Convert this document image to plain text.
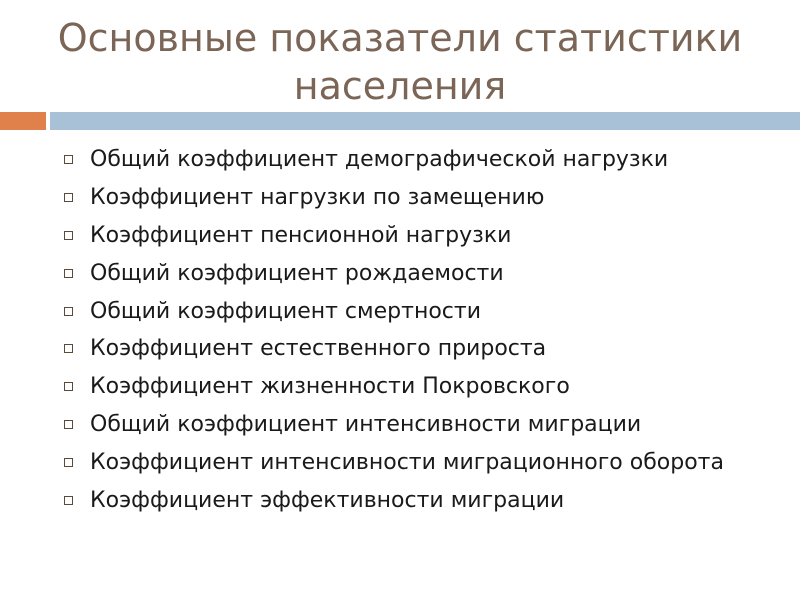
Основные показатели статистики населения
Общий коэффициент демографической нагрузки
Коэффициент нагрузки по замещению
Коэффициент пенсионной нагрузки
Общий коэффициент рождаемости
Общий коэффициент смертности
Коэффициент естественного прироста
Коэффициент жизненности Покровского
Общий коэффициент интенсивности миграции
Коэффициент интенсивности миграционного оборота
Коэффициент эффективности миграции
